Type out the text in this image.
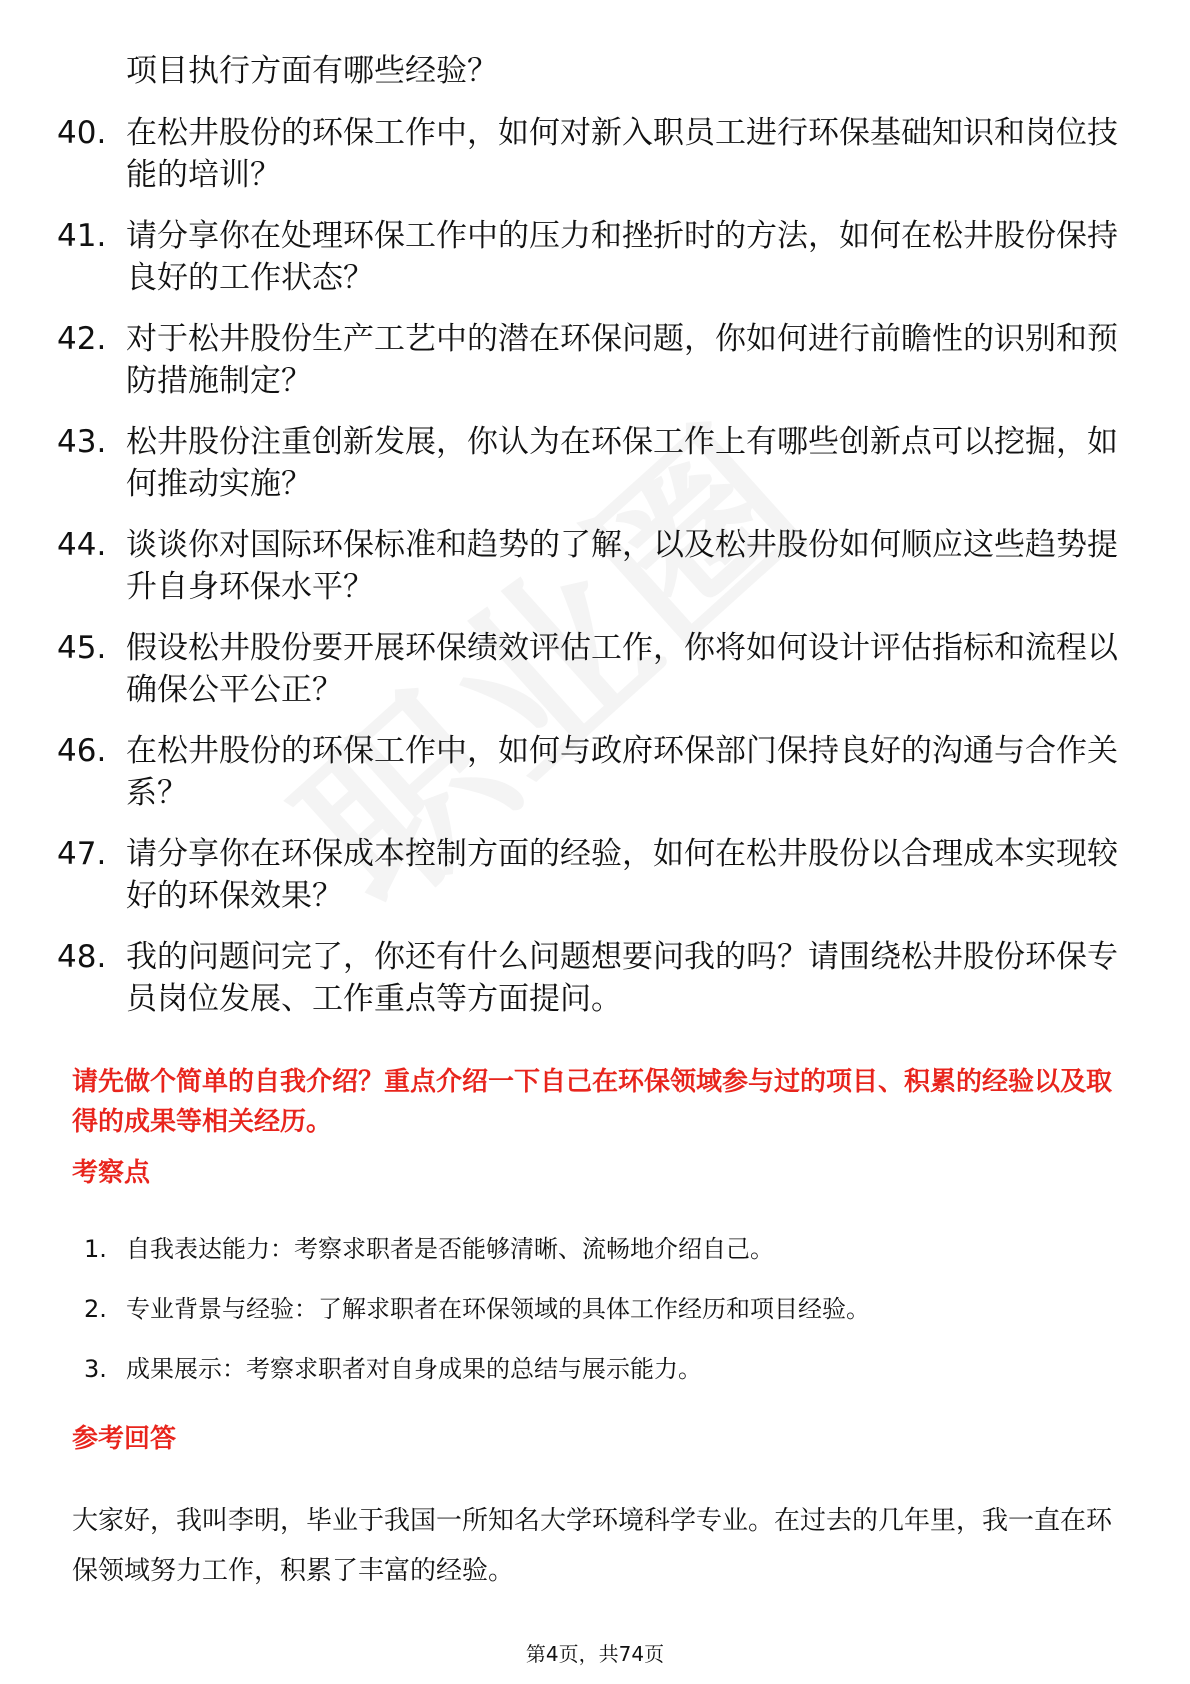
项目执行方面有哪些经验？
40. 在松井股份的环保工作中，如何对新入职员工进行环保基础知识和岗位技能的培训？
41. 请分享你在处理环保工作中的压力和挫折时的方法，如何在松井股份保持良好的工作状态？
42. 对于松井股份生产工艺中的潜在环保问题，你如何进行前瞻性的识别和预防措施制定？
43. 松井股份注重创新发展，你认为在环保工作上有哪些创新点可以挖掘，如何推动实施？
44. 谈谈你对国际环保标准和趋势的了解，以及松井股份如何顺应这些趋势提升自身环保水平？
45. 假设松井股份要开展环保绩效评估工作，你将如何设计评估指标和流程以确保公平公正？
46. 在松井股份的环保工作中，如何与政府环保部门保持良好的沟通与合作关系？
47. 请分享你在环保成本控制方面的经验，如何在松井股份以合理成本实现较好的环保效果？
48. 我的问题问完了，你还有什么问题想要问我的吗？请围绕松井股份环保专员岗位发展、工作重点等方面提问。
请先做个简单的自我介绍？重点介绍一下自己在环保领域参与过的项目、积累的经验以及取得的成果等相关经历。
考察点
1. 自我表达能力：考察求职者是否能够清晰、流畅地介绍自己。
2. 专业背景与经验：了解求职者在环保领域的具体工作经历和项目经验。
3. 成果展示：考察求职者对自身成果的总结与展示能力。
参考回答
大家好，我叫李明，毕业于我国一所知名大学环境科学专业。在过去的几年里，我一直在环保领域努力工作，积累了丰富的经验。
第4页，共74页
